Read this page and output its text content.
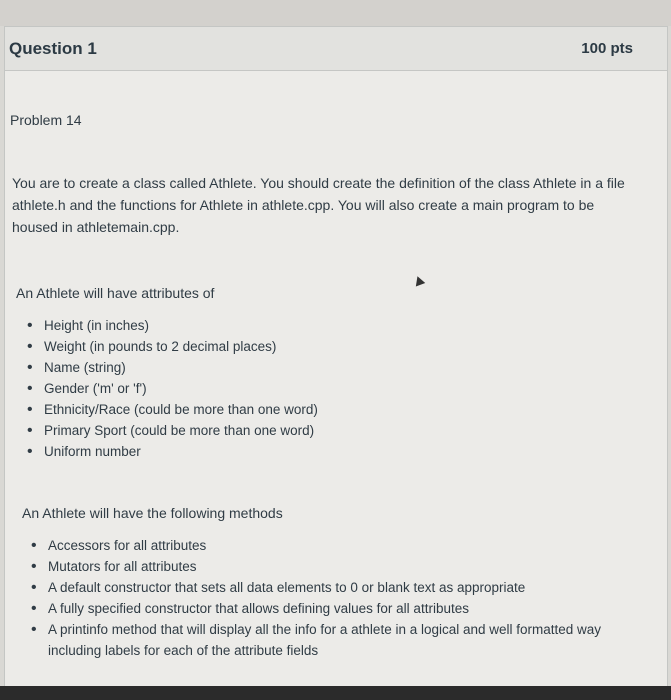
Question 1	100 pts
Problem 14
You are to create a class called Athlete. You should create the definition of the class Athlete in a file athlete.h and the functions for Athlete in athlete.cpp. You will also create a main program to be housed in athletemain.cpp.
An Athlete will have attributes of
• Height (in inches)
• Weight (in pounds to 2 decimal places)
• Name (string)
• Gender ('m' or 'f')
• Ethnicity/Race (could be more than one word)
• Primary Sport (could be more than one word)
• Uniform number
An Athlete will have the following methods
• Accessors for all attributes
• Mutators for all attributes
• A default constructor that sets all data elements to 0 or blank text as appropriate
• A fully specified constructor that allows defining values for all attributes
• A printinfo method that will display all the info for a athlete in a logical and well formatted way including labels for each of the attribute fields
